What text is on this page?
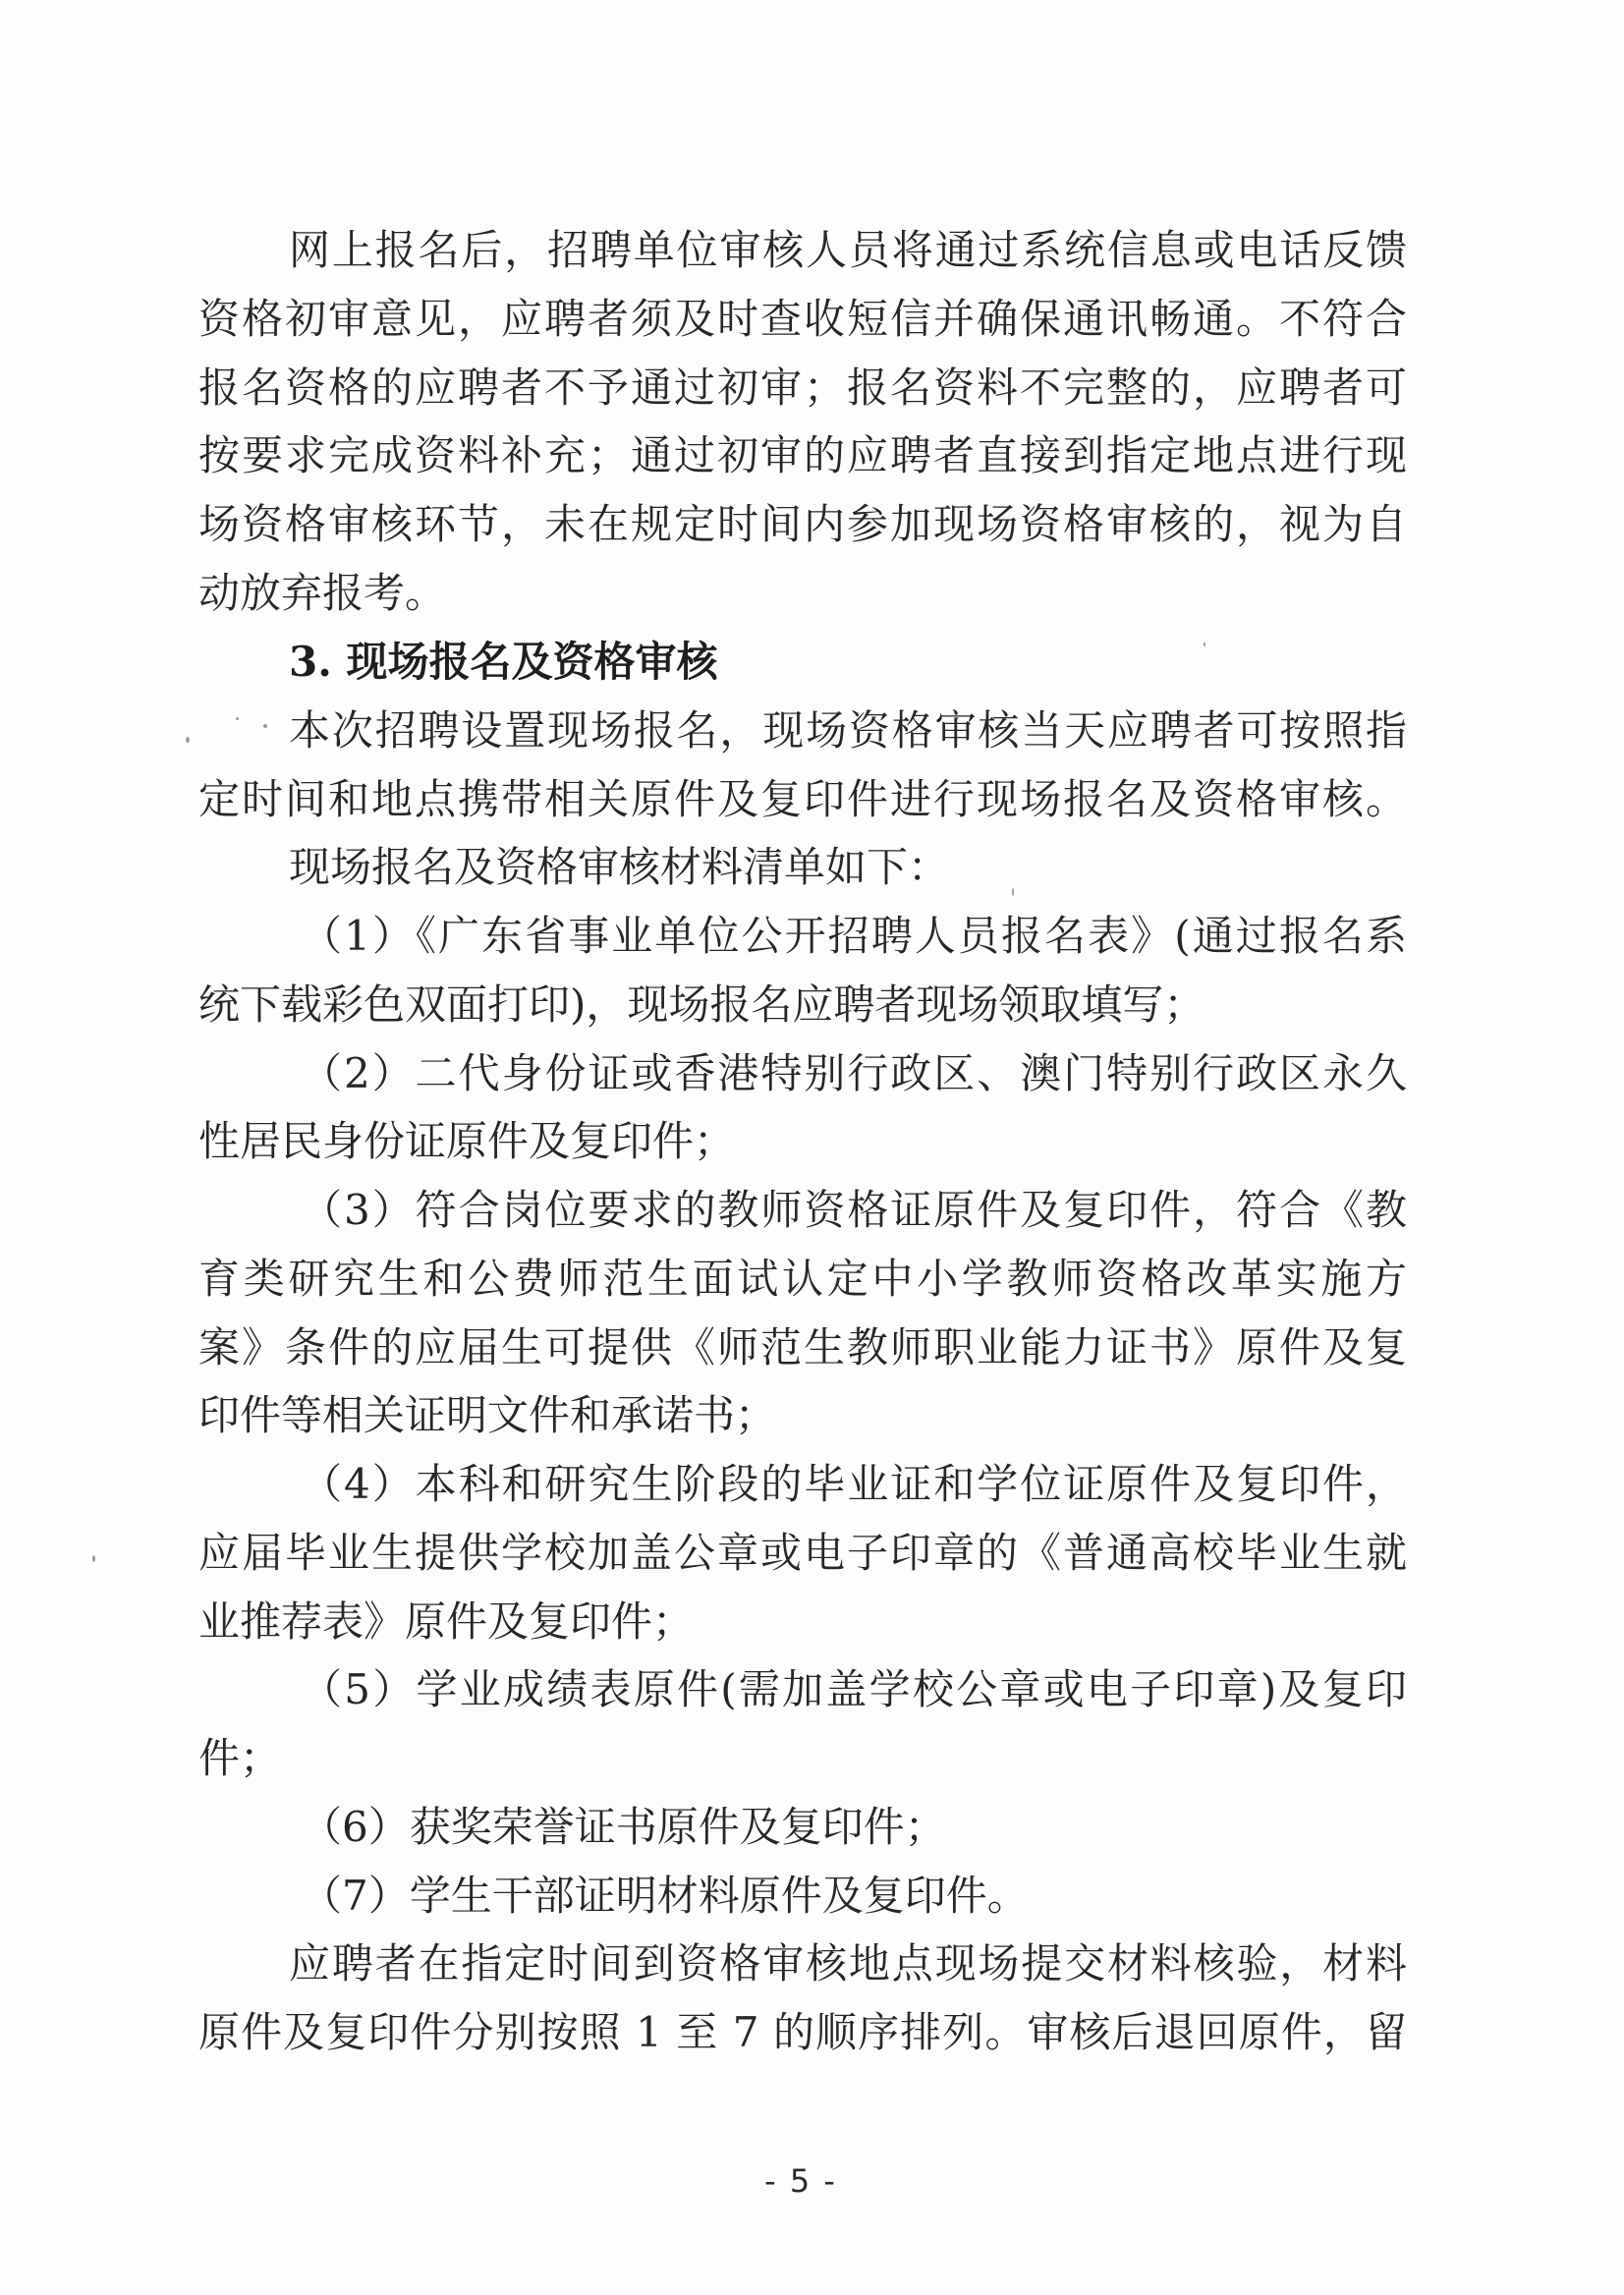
网上报名后，招聘单位审核人员将通过系统信息或电话反馈
资格初审意见，应聘者须及时查收短信并确保通讯畅通。不符合
报名资格的应聘者不予通过初审；报名资料不完整的，应聘者可
按要求完成资料补充；通过初审的应聘者直接到指定地点进行现
场资格审核环节，未在规定时间内参加现场资格审核的，视为自
动放弃报考。
3. 现场报名及资格审核
本次招聘设置现场报名，现场资格审核当天应聘者可按照指
定时间和地点携带相关原件及复印件进行现场报名及资格审核。
现场报名及资格审核材料清单如下：
（1）《广东省事业单位公开招聘人员报名表》(通过报名系
统下载彩色双面打印)，现场报名应聘者现场领取填写；
（2）二代身份证或香港特别行政区、澳门特别行政区永久
性居民身份证原件及复印件；
（3）符合岗位要求的教师资格证原件及复印件，符合《教
育类研究生和公费师范生面试认定中小学教师资格改革实施方
案》条件的应届生可提供《师范生教师职业能力证书》原件及复
印件等相关证明文件和承诺书；
（4）本科和研究生阶段的毕业证和学位证原件及复印件，
应届毕业生提供学校加盖公章或电子印章的《普通高校毕业生就
业推荐表》原件及复印件；
（5）学业成绩表原件(需加盖学校公章或电子印章)及复印
件；
（6）获奖荣誉证书原件及复印件；
（7）学生干部证明材料原件及复印件。
应聘者在指定时间到资格审核地点现场提交材料核验，材料
原件及复印件分别按照 1 至 7 的顺序排列。审核后退回原件，留
- 5 -
